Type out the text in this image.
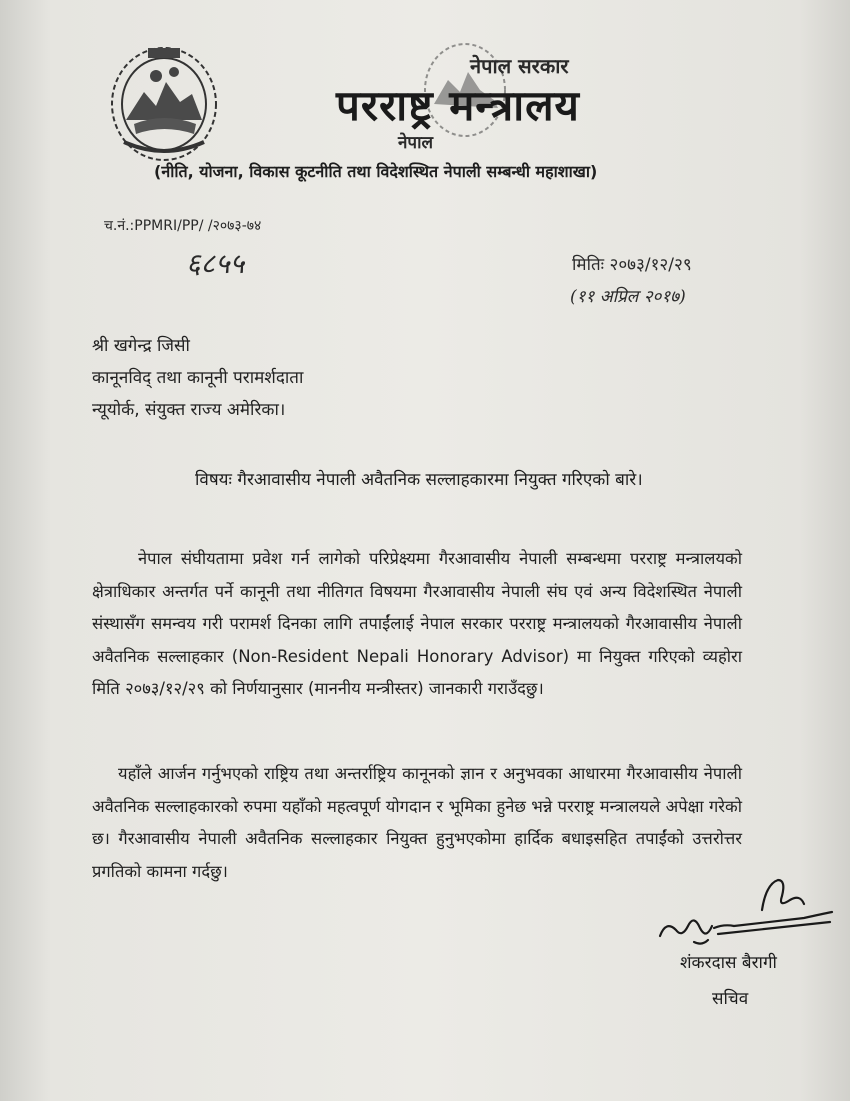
नेपाल सरकार
परराष्ट्र मन्त्रालय
नेपाल
(नीति, योजना, विकास कूटनीति तथा विदेशस्थित नेपाली सम्बन्धी महाशाखा)
च.नं.:PPMRI/PP/ /२०७३-७४
६८५५	मितिः २०७३/१२/२९
(११ अप्रिल २०१७)
श्री खगेन्द्र जिसी
कानूनविद् तथा कानूनी परामर्शदाता
न्यूयोर्क, संयुक्त राज्य अमेरिका।
विषयः गैरआवासीय नेपाली अवैतनिक सल्लाहकारमा नियुक्त गरिएको बारे।
नेपाल संघीयतामा प्रवेश गर्न लागेको परिप्रेक्ष्यमा गैरआवासीय नेपाली सम्बन्धमा परराष्ट्र मन्त्रालयको क्षेत्राधिकार अन्तर्गत पर्ने कानूनी तथा नीतिगत विषयमा गैरआवासीय नेपाली संघ एवं अन्य विदेशस्थित नेपाली संस्थासँग समन्वय गरी परामर्श दिनका लागि तपाईंलाई नेपाल सरकार परराष्ट्र मन्त्रालयको गैरआवासीय नेपाली अवैतनिक सल्लाहकार (Non-Resident Nepali Honorary Advisor) मा नियुक्त गरिएको व्यहोरा मिति २०७३/१२/२९ को निर्णयानुसार (माननीय मन्त्रीस्तर) जानकारी गराउँदछु।
यहाँले आर्जन गर्नुभएको राष्ट्रिय तथा अन्तर्राष्ट्रिय कानूनको ज्ञान र अनुभवका आधारमा गैरआवासीय नेपाली अवैतनिक सल्लाहकारको रुपमा यहाँको महत्वपूर्ण योगदान र भूमिका हुनेछ भन्ने परराष्ट्र मन्त्रालयले अपेक्षा गरेको छ। गैरआवासीय नेपाली अवैतनिक सल्लाहकार नियुक्त हुनुभएकोमा हार्दिक बधाइसहित तपाईंको उत्तरोत्तर प्रगतिको कामना गर्दछु।
शंकरदास बैरागी
सचिव
